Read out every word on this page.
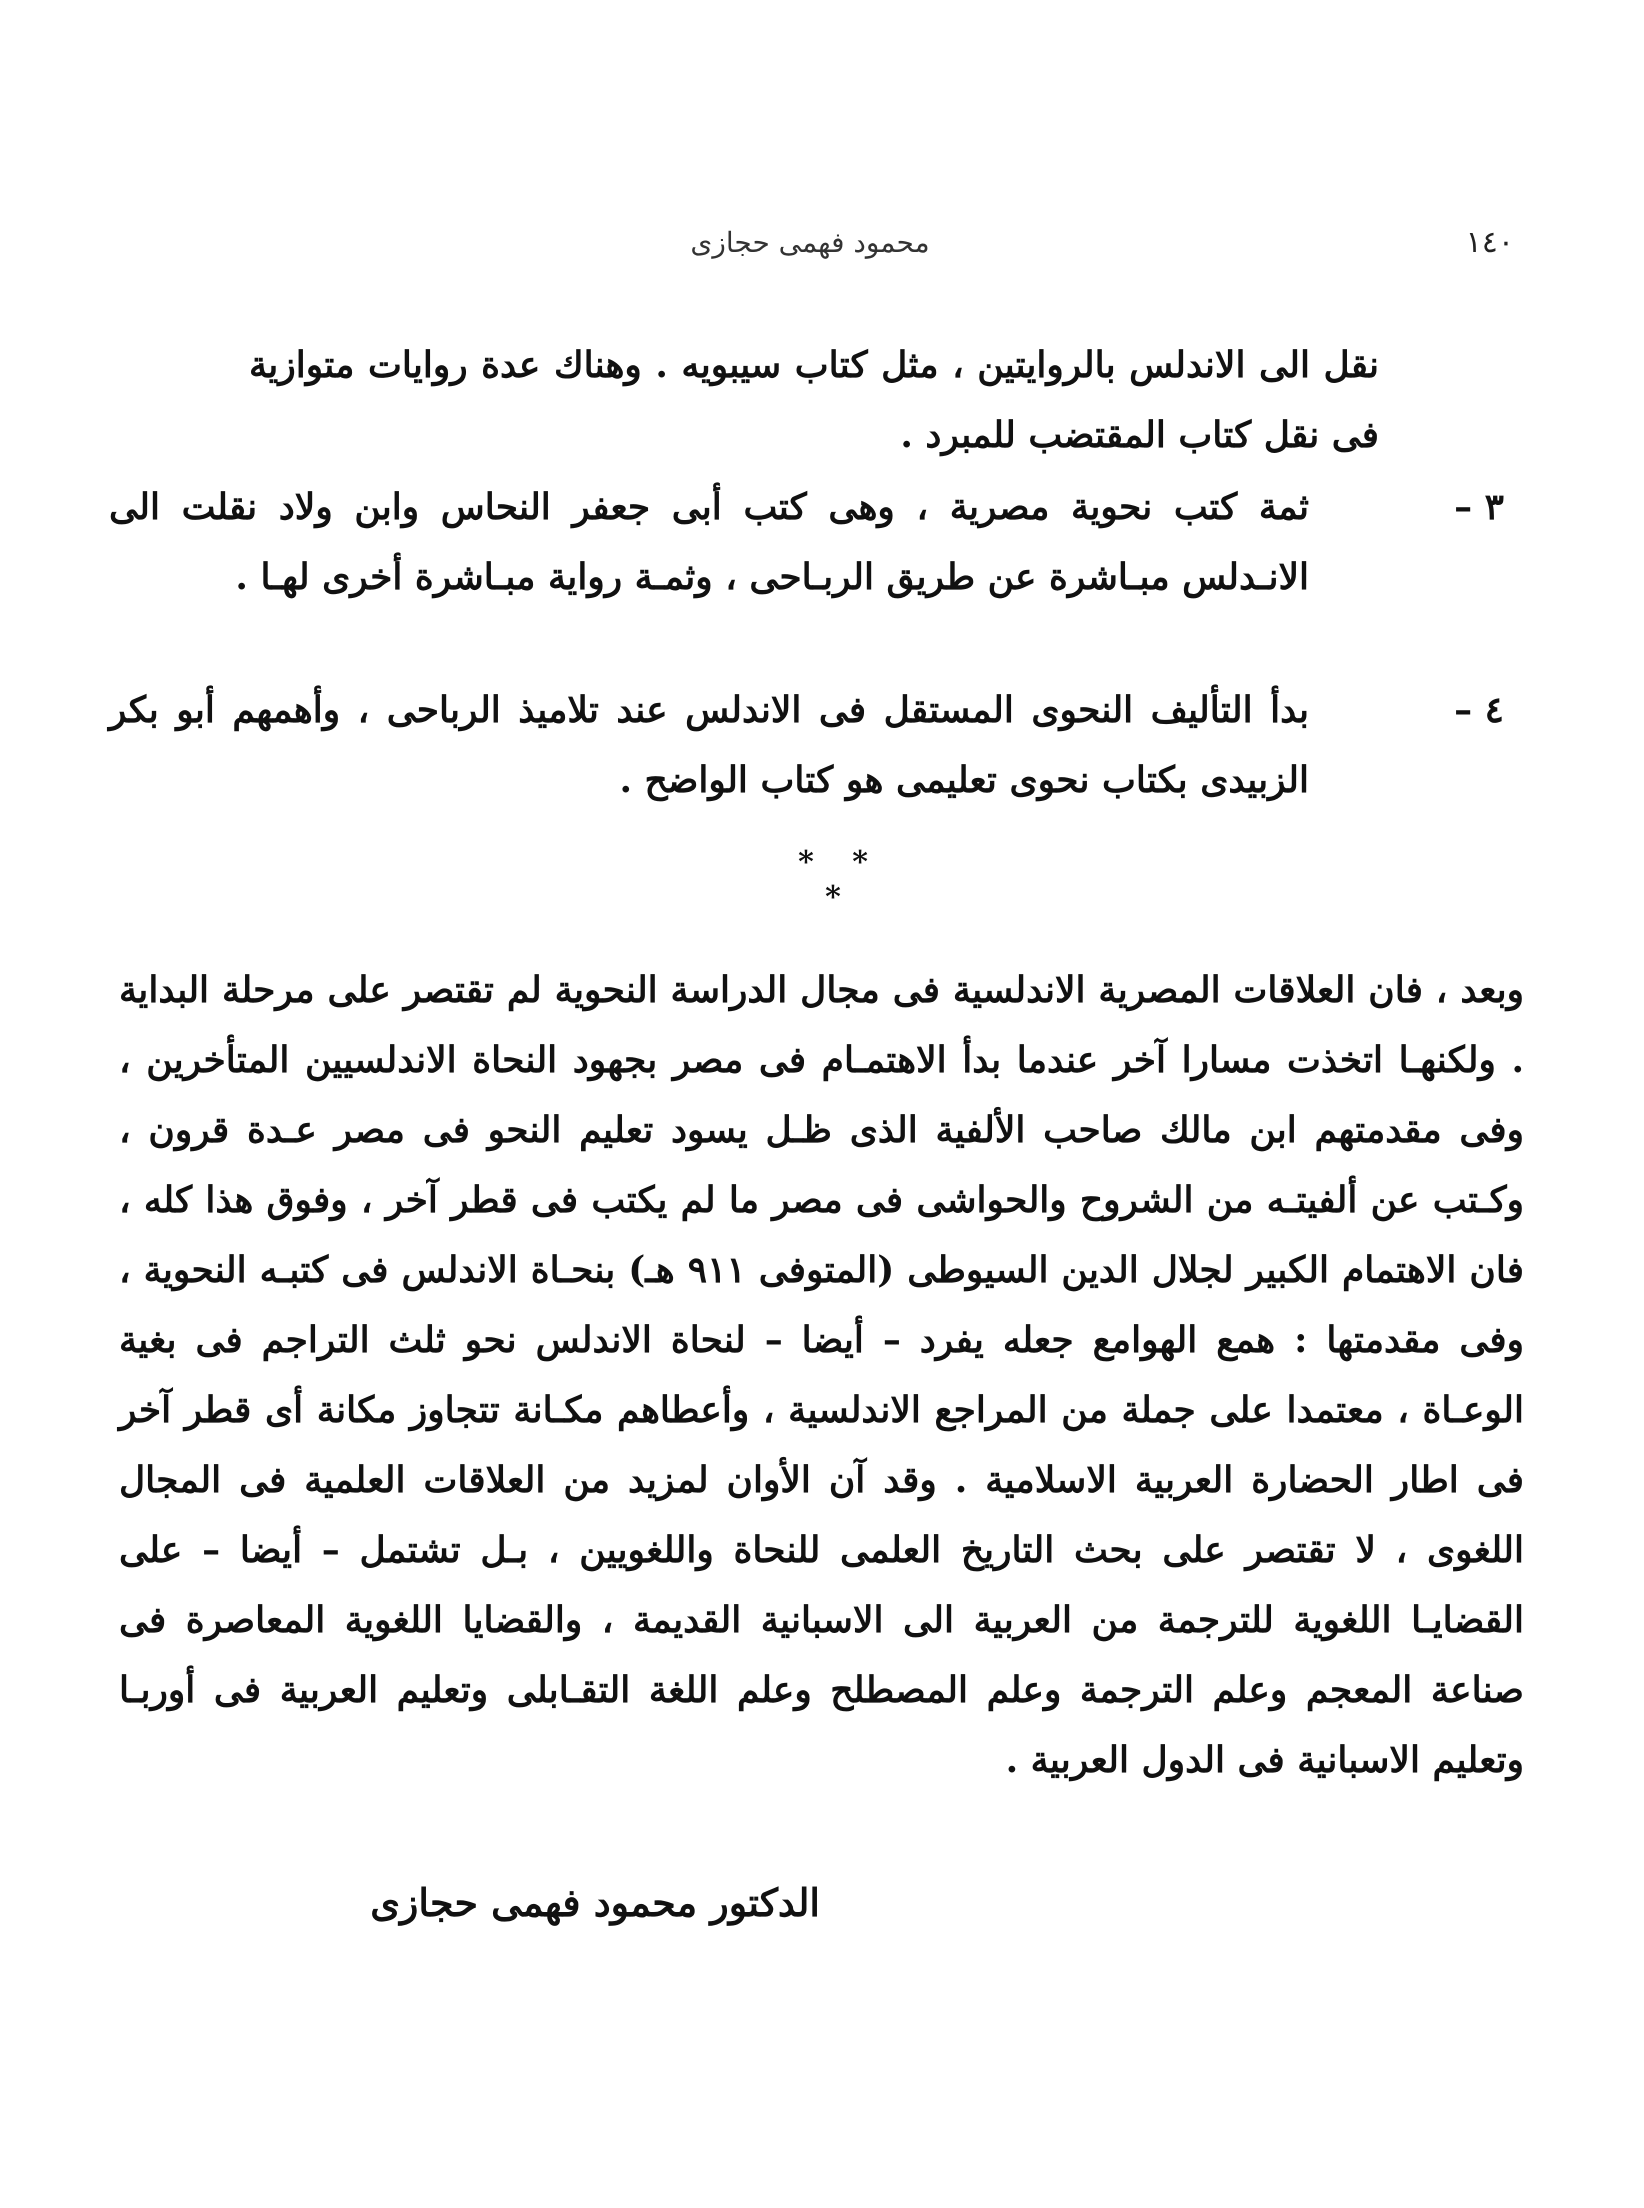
١٤٠
محمود فهمى حجازى
نقل الى الاندلس بالروايتين ، مثل كتاب سيبويه . وهناك عدة روايات متوازية فى نقل كتاب المقتضب للمبرد .
٣ –
ثمة كتب نحوية مصرية ، وهى كتب أبى جعفر النحاس وابن ولاد نقلت الى الانـدلس مبـاشرة عن طريق الربـاحى ، وثمـة رواية مبـاشرة أخرى لهـا .
٤ –
بدأ التأليف النحوى المستقل فى الاندلس عند تلاميذ الرباحى ، وأهمهم أبو بكر الزبيدى بكتاب نحوى تعليمى هو كتاب الواضح .
* * *
وبعد ، فان العلاقات المصرية الاندلسية فى مجال الدراسة النحوية لم تقتصر على مرحلة البداية . ولكنهـا اتخذت مسارا آخر عندما بدأ الاهتمـام فى مصر بجهود النحاة الاندلسيين المتأخرين ، وفى مقدمتهم ابن مالك صاحب الألفية الذى ظـل يسود تعليم النحو فى مصر عـدة قرون ، وكـتب عن ألفيتـه من الشروح والحواشى فى مصر ما لم يكتب فى قطر آخر ، وفوق هذا كله ، فان الاهتمام الكبير لجلال الدين السيوطى (المتوفى ٩١١ هـ) بنحـاة الاندلس فى كتبـه النحوية ، وفى مقدمتها : همع الهوامع جعله يفرد – أيضا – لنحاة الاندلس نحو ثلث التراجم فى بغية الوعـاة ، معتمدا على جملة من المراجع الاندلسية ، وأعطاهم مكـانة تتجاوز مكانة أى قطر آخر فى اطار الحضارة العربية الاسلامية . وقد آن الأوان لمزيد من العلاقات العلمية فى المجال اللغوى ، لا تقتصر على بحث التاريخ العلمى للنحاة واللغويين ، بـل تشتمل – أيضا – على القضايـا اللغوية للترجمة من العربية الى الاسبانية القديمة ، والقضايا اللغوية المعاصرة فى صناعة المعجم وعلم الترجمة وعلم المصطلح وعلم اللغة التقـابلى وتعليم العربية فى أوربـا وتعليم الاسبانية فى الدول العربية .
الدكتور محمود فهمى حجازى
